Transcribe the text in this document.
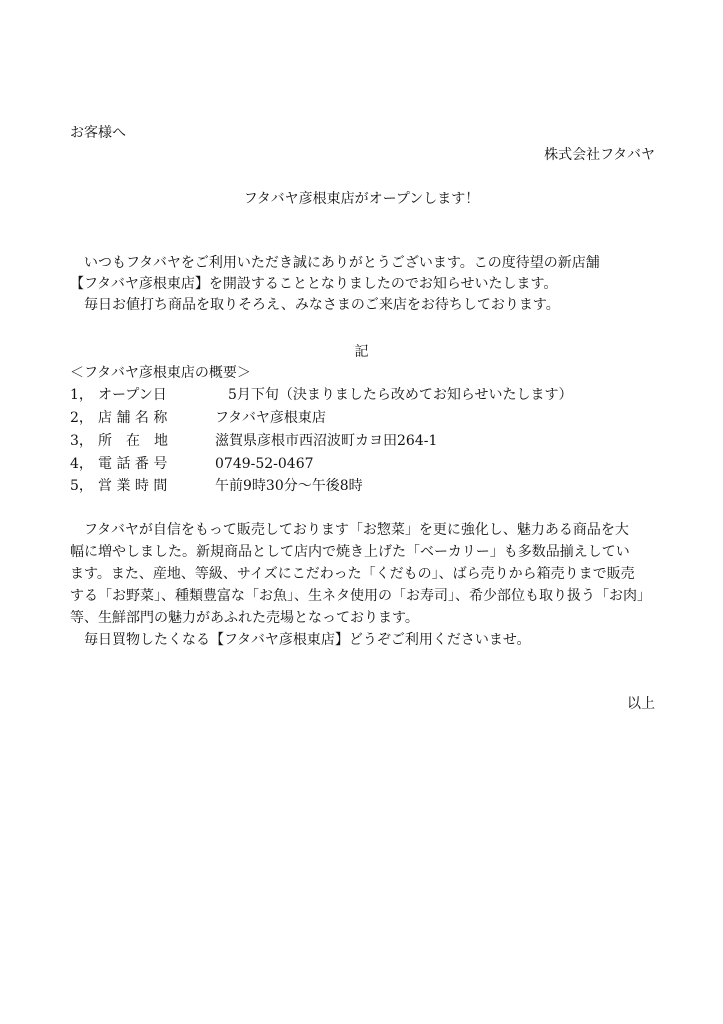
お客様へ
株式会社フタバヤ
フタバヤ彦根東店がオープンします！
いつもフタバヤをご利用いただき誠にありがとうございます。この度待望の新店舗
【フタバヤ彦根東店】を開設することとなりましたのでお知らせいたします。
毎日お値打ち商品を取りそろえ、みなさまのご来店をお待ちしております。
記
＜フタバヤ彦根東店の概要＞
1， オープン日	5月下旬（決まりましたら改めてお知らせいたします）
2， 店 舗 名 称	フタバヤ彦根東店
3， 所　在　地	滋賀県彦根市西沼波町カヨ田264-1
4， 電 話 番 号	0749-52-0467
5， 営 業 時 間	午前9時30分～午後8時
フタバヤが自信をもって販売しております「お惣菜」を更に強化し、魅力ある商品を大
幅に増やしました。新規商品として店内で焼き上げた「ベーカリー」も多数品揃えしてい
ます。また、産地、等級、サイズにこだわった「くだもの」、ばら売りから箱売りまで販売
する「お野菜」、種類豊富な「お魚」、生ネタ使用の「お寿司」、希少部位も取り扱う「お肉」
等、生鮮部門の魅力があふれた売場となっております。
毎日買物したくなる【フタバヤ彦根東店】どうぞご利用くださいませ。
以上
